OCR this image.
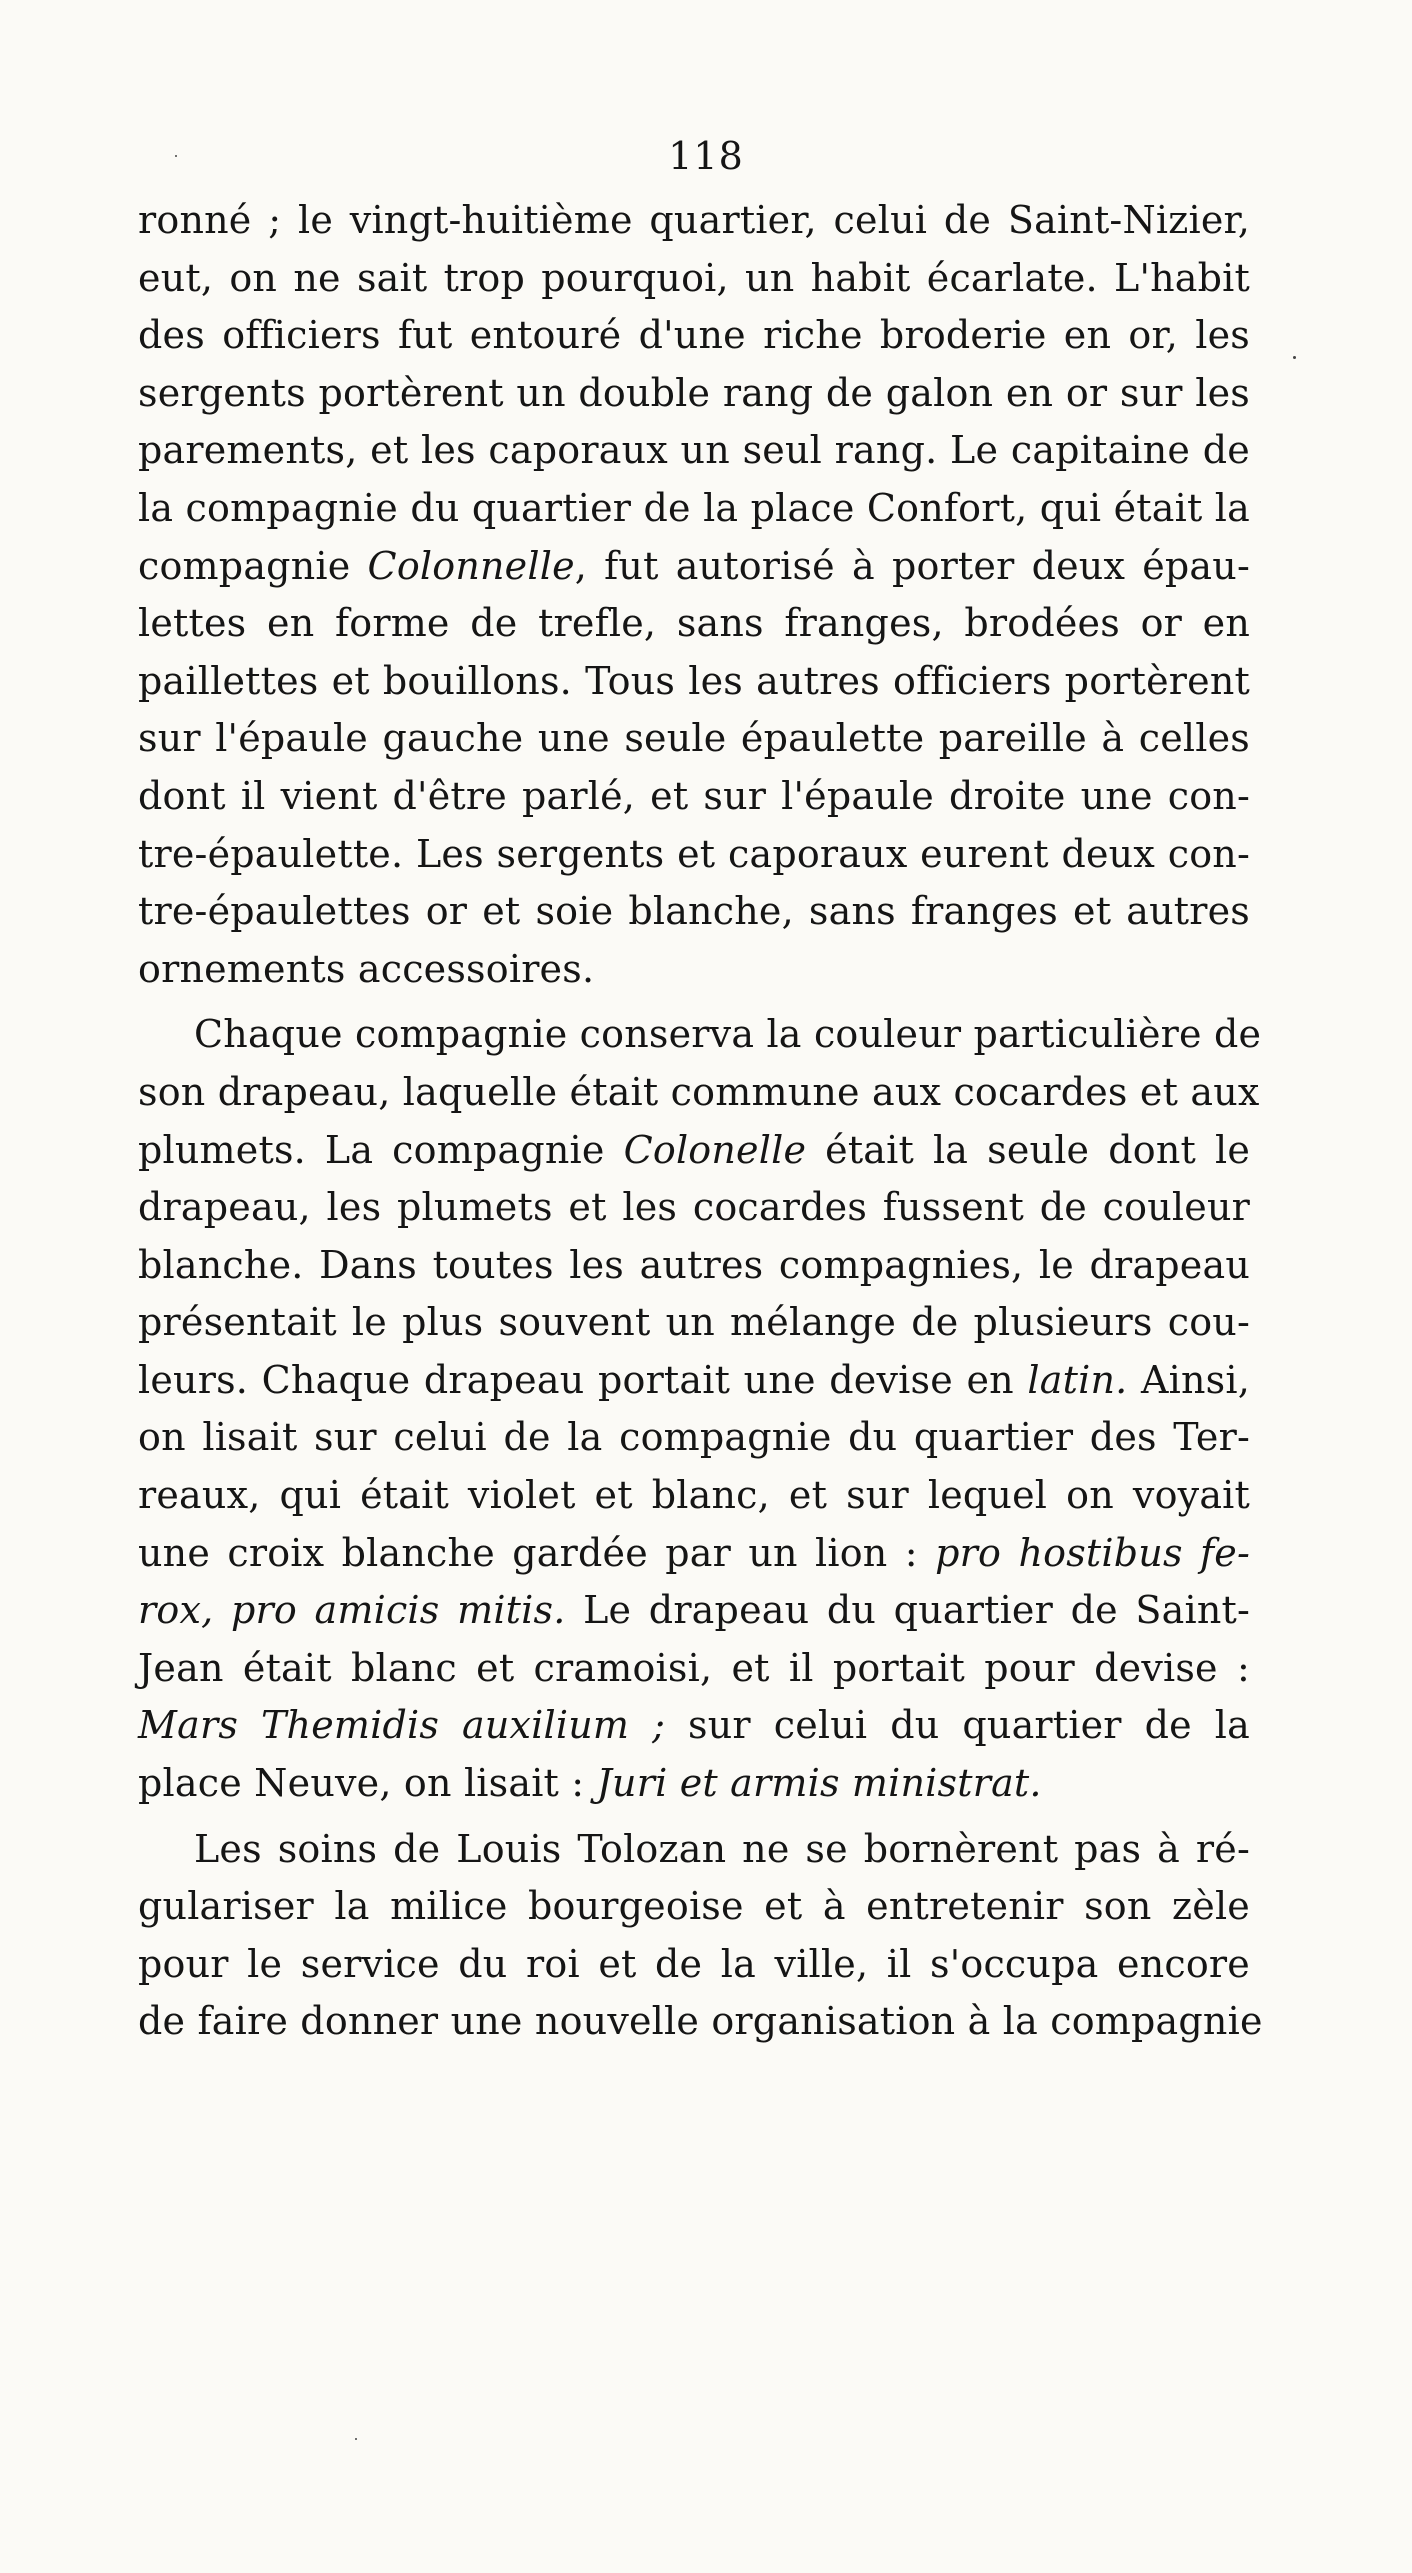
118
ronné ; le vingt-huitième quartier, celui de Saint-Nizier,
eut, on ne sait trop pourquoi, un habit écarlate. L'habit
des officiers fut entouré d'une riche broderie en or, les
sergents portèrent un double rang de galon en or sur les
parements, et les caporaux un seul rang. Le capitaine de
la compagnie du quartier de la place Confort, qui était la
compagnie Colonnelle, fut autorisé à porter deux épau-
lettes en forme de trefle, sans franges, brodées or en
paillettes et bouillons. Tous les autres officiers portèrent
sur l'épaule gauche une seule épaulette pareille à celles
dont il vient d'être parlé, et sur l'épaule droite une con-
tre-épaulette. Les sergents et caporaux eurent deux con-
tre-épaulettes or et soie blanche, sans franges et autres
ornements accessoires.
Chaque compagnie conserva la couleur particulière de
son drapeau, laquelle était commune aux cocardes et aux
plumets. La compagnie Colonelle était la seule dont le
drapeau, les plumets et les cocardes fussent de couleur
blanche. Dans toutes les autres compagnies, le drapeau
présentait le plus souvent un mélange de plusieurs cou-
leurs. Chaque drapeau portait une devise en latin. Ainsi,
on lisait sur celui de la compagnie du quartier des Ter-
reaux, qui était violet et blanc, et sur lequel on voyait
une croix blanche gardée par un lion : pro hostibus fe-
rox, pro amicis mitis. Le drapeau du quartier de Saint-
Jean était blanc et cramoisi, et il portait pour devise :
Mars Themidis auxilium ; sur celui du quartier de la
place Neuve, on lisait : Juri et armis ministrat.
Les soins de Louis Tolozan ne se bornèrent pas à ré-
gulariser la milice bourgeoise et à entretenir son zèle
pour le service du roi et de la ville, il s'occupa encore
de faire donner une nouvelle organisation à la compagnie
